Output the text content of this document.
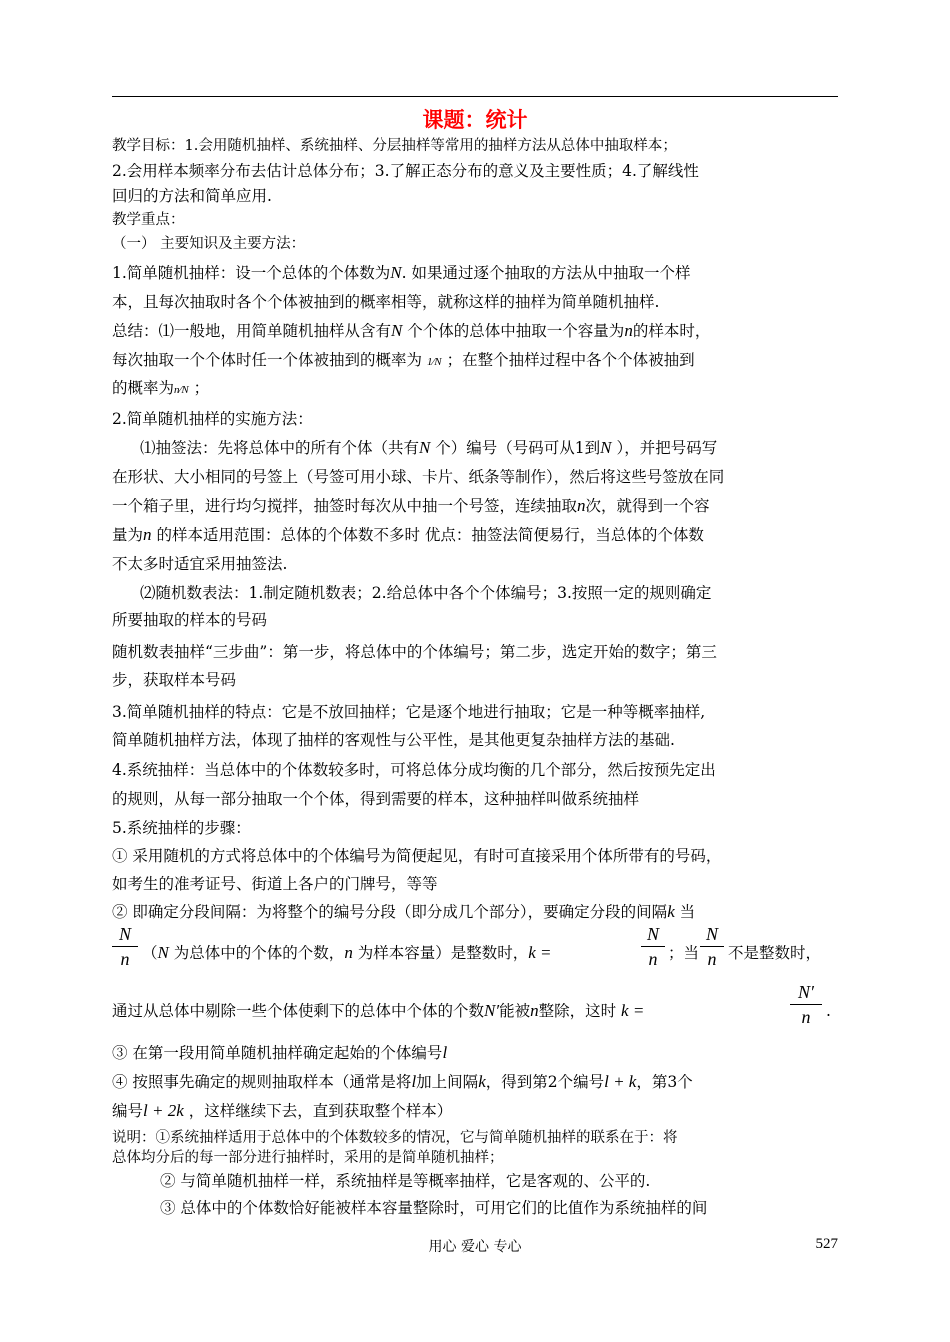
课题：统计
教学目标：1.会用随机抽样、系统抽样、分层抽样等常用的抽样方法从总体中抽取样本；
2.会用样本频率分布去估计总体分布；3.了解正态分布的意义及主要性质；4.了解线性
回归的方法和简单应用.
教学重点：
（一） 主要知识及主要方法：
1.简单随机抽样：设一个总体的个体数为N. 如果通过逐个抽取的方法从中抽取一个样
本，且每次抽取时各个个体被抽到的概率相等，就称这样的抽样为简单随机抽样.
总结：⑴一般地，用简单随机抽样从含有N 个个体的总体中抽取一个容量为n的样本时，
每次抽取一个个体时任一个体被抽到的概率为 1⁄N ；在整个抽样过程中各个个体被抽到
的概率为n⁄N ；
2.简单随机抽样的实施方法：
⑴抽签法：先将总体中的所有个体（共有N 个）编号（号码可从1到N ），并把号码写
在形状、大小相同的号签上（号签可用小球、卡片、纸条等制作），然后将这些号签放在同
一个箱子里，进行均匀搅拌，抽签时每次从中抽一个号签，连续抽取n次，就得到一个容
量为n 的样本适用范围：总体的个体数不多时 优点：抽签法简便易行，当总体的个体数
不太多时适宜采用抽签法.
⑵随机数表法：1.制定随机数表；2.给总体中各个个体编号；3.按照一定的规则确定
所要抽取的样本的号码
随机数表抽样“三步曲”：第一步，将总体中的个体编号；第二步，选定开始的数字；第三
步，获取样本号码
3.简单随机抽样的特点：它是不放回抽样；它是逐个地进行抽取；它是一种等概率抽样,
简单随机抽样方法，体现了抽样的客观性与公平性，是其他更复杂抽样方法的基础.
4.系统抽样：当总体中的个体数较多时，可将总体分成均衡的几个部分，然后按预先定出
的规则，从每一部分抽取一个个体，得到需要的样本，这种抽样叫做系统抽样
5.系统抽样的步骤：
① 采用随机的方式将总体中的个体编号为简便起见，有时可直接采用个体所带有的号码，
如考生的准考证号、街道上各户的门牌号，等等
② 即确定分段间隔：为将整个的编号分段（即分成几个部分），要确定分段的间隔k 当
N
n （N 为总体中的个体的个数，n 为样本容量）是整数时，k =
N
n ；当
N
n 不是整数时，
通过从总体中剔除一些个体使剩下的总体中个体的个数N′能被n整除，这时 k =
N′
n	.
③ 在第一段用简单随机抽样确定起始的个体编号l
④ 按照事先确定的规则抽取样本（通常是将l加上间隔k，得到第2个编号l + k，第3个
编号l + 2k ，这样继续下去，直到获取整个样本）
说明：①系统抽样适用于总体中的个体数较多的情况，它与简单随机抽样的联系在于：将
总体均分后的每一部分进行抽样时，采用的是简单随机抽样；
② 与简单随机抽样一样，系统抽样是等概率抽样，它是客观的、公平的.
③ 总体中的个体数恰好能被样本容量整除时，可用它们的比值作为系统抽样的间
用心 爱心 专心	527
